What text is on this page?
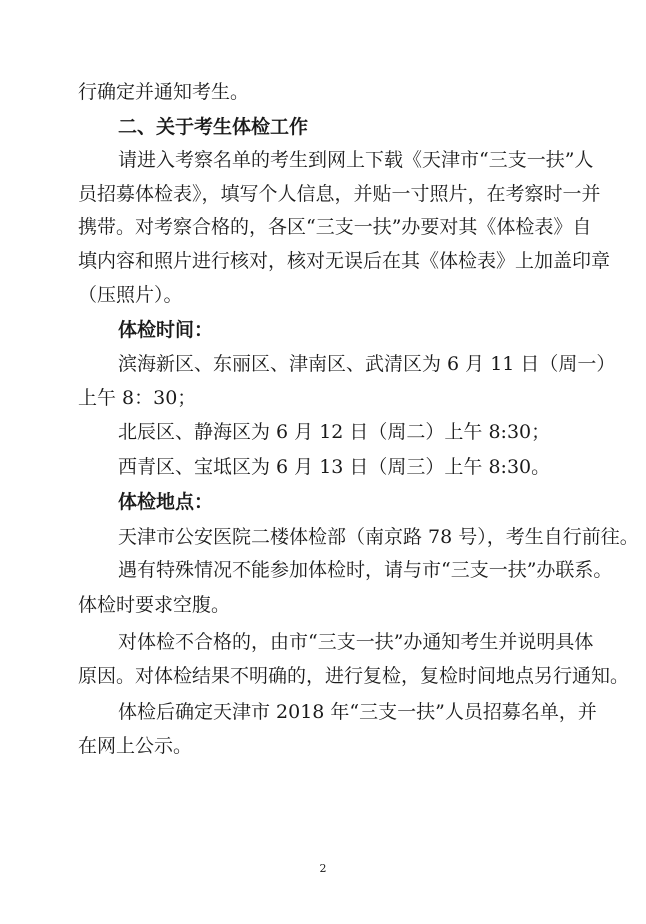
行确定并通知考生。
二、关于考生体检工作
请进入考察名单的考生到网上下载《天津市“三支一扶”人
员招募体检表》，填写个人信息，并贴一寸照片，在考察时一并
携带。对考察合格的，各区“三支一扶”办要对其《体检表》自
填内容和照片进行核对，核对无误后在其《体检表》上加盖印章
（压照片）。
体检时间：
滨海新区、东丽区、津南区、武清区为 6 月 11 日（周一）
上午 8：30；
北辰区、静海区为 6 月 12 日（周二）上午 8:30；
西青区、宝坻区为 6 月 13 日（周三）上午 8:30。
体检地点：
天津市公安医院二楼体检部（南京路 78 号），考生自行前往。
遇有特殊情况不能参加体检时，请与市“三支一扶”办联系。
体检时要求空腹。
对体检不合格的，由市“三支一扶”办通知考生并说明具体
原因。对体检结果不明确的，进行复检，复检时间地点另行通知。
体检后确定天津市 2018 年“三支一扶”人员招募名单，并
在网上公示。
2
